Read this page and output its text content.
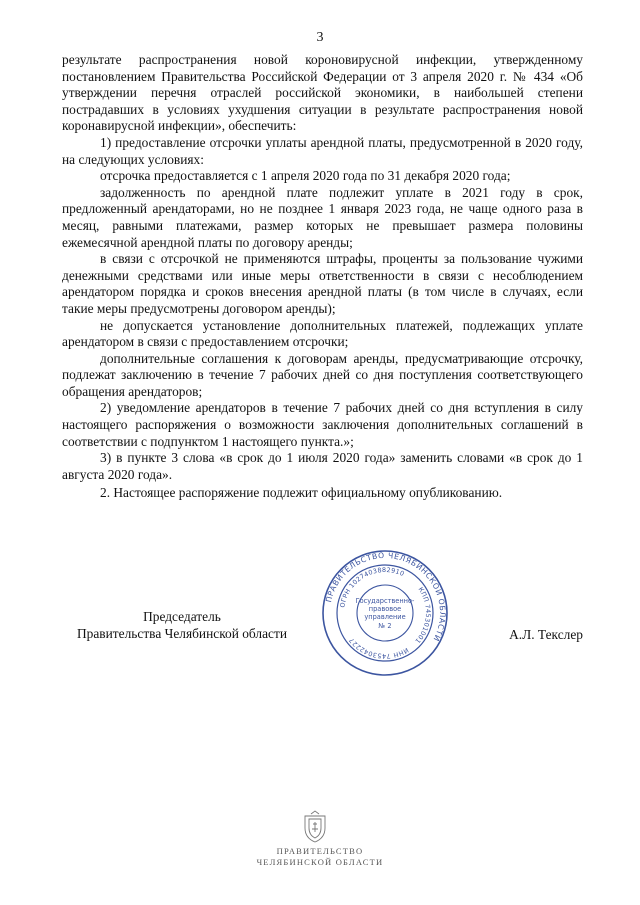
3

результате распространения новой короновирусной инфекции, утвержденному постановлением Правительства Российской Федерации от 3 апреля 2020 г. № 434 «Об утверждении перечня отраслей российской экономики, в наибольшей степени пострадавших в условиях ухудшения ситуации в результате распространения новой коронавирусной инфекции», обеспечить:

1) предоставление отсрочки уплаты арендной платы, предусмотренной в 2020 году, на следующих условиях:

отсрочка предоставляется с 1 апреля 2020 года по 31 декабря 2020 года;

задолженность по арендной плате подлежит уплате в 2021 году в срок, предложенный арендаторами, но не позднее 1 января 2023 года, не чаще одного раза в месяц, равными платежами, размер которых не превышает размера половины ежемесячной арендной платы по договору аренды;

в связи с отсрочкой не применяются штрафы, проценты за пользование чужими денежными средствами или иные меры ответственности в связи с несоблюдением арендатором порядка и сроков внесения арендной платы (в том числе в случаях, если такие меры предусмотрены договором аренды);

не допускается установление дополнительных платежей, подлежащих уплате арендатором в связи с предоставлением отсрочки;

дополнительные соглашения к договорам аренды, предусматривающие отсрочку, подлежат заключению в течение 7 рабочих дней со дня поступления соответствующего обращения арендаторов;

2) уведомление арендаторов в течение 7 рабочих дней со дня вступления в силу настоящего распоряжения о возможности заключения дополнительных соглашений в соответствии с подпунктом 1 настоящего пункта.»;

3) в пункте 3 слова «в срок до 1 июля 2020 года» заменить словами «в срок до 1 августа 2020 года».

2. Настоящее распоряжение подлежит официальному опубликованию.

Председатель
Правительства Челябинской области	А.Л. Текслер
ПРАВИТЕЛЬСТВО ЧЕЛЯБИНСКОЙ ОБЛАСТИ
ОГРН 1027403882910
КПП 745301001
ИНН 7453042227
Государственно-
правовое
управление
№ 2
ПРАВИТЕЛЬСТВО
ЧЕЛЯБИНСКОЙ ОБЛАСТИ
